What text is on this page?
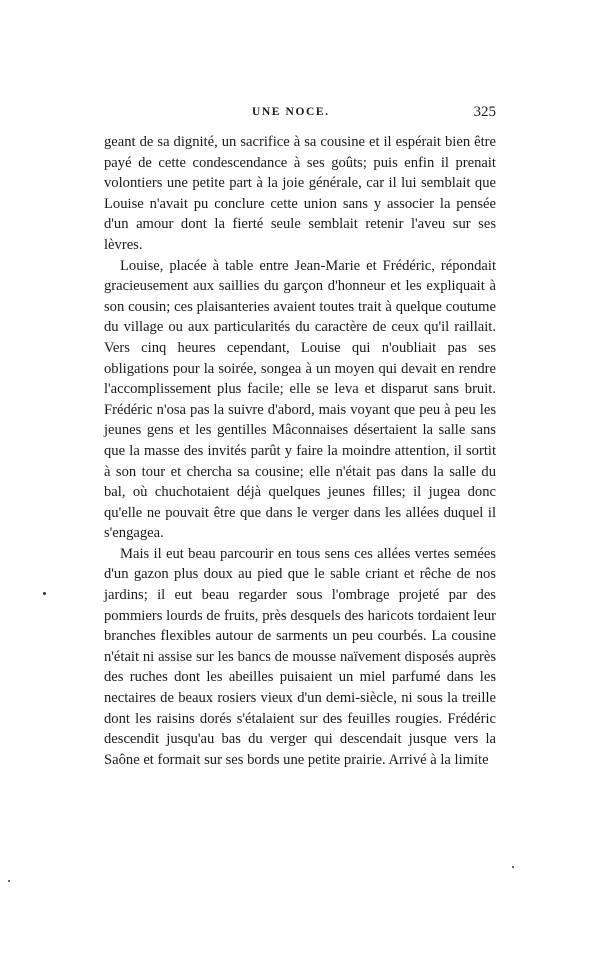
UNE NOCE.	325

geant de sa dignité, un sacrifice à sa cousine et il espérait bien être payé de cette condescendance à ses goûts; puis enfin il prenait volontiers une petite part à la joie générale, car il lui semblait que Louise n'avait pu conclure cette union sans y associer la pensée d'un amour dont la fierté seule semblait retenir l'aveu sur ses lèvres.

Louise, placée à table entre Jean-Marie et Frédéric, répondait gracieusement aux saillies du garçon d'honneur et les expliquait à son cousin; ces plaisanteries avaient toutes trait à quelque coutume du village ou aux particularités du caractère de ceux qu'il raillait. Vers cinq heures cependant, Louise qui n'oubliait pas ses obligations pour la soirée, songea à un moyen qui devait en rendre l'accomplissement plus facile; elle se leva et disparut sans bruit. Frédéric n'osa pas la suivre d'abord, mais voyant que peu à peu les jeunes gens et les gentilles Mâconnaises désertaient la salle sans que la masse des invités parût y faire la moindre attention, il sortit à son tour et chercha sa cousine; elle n'était pas dans la salle du bal, où chuchotaient déjà quelques jeunes filles; il jugea donc qu'elle ne pouvait être que dans le verger dans les allées duquel il s'engagea.

Mais il eut beau parcourir en tous sens ces allées vertes semées d'un gazon plus doux au pied que le sable criant et rêche de nos jardins; il eut beau regarder sous l'ombrage projeté par des pommiers lourds de fruits, près desquels des haricots tordaient leur branches flexibles autour de sarments un peu courbés. La cousine n'était ni assise sur les bancs de mousse naïvement disposés auprès des ruches dont les abeilles puisaient un miel parfumé dans les nectaires de beaux rosiers vieux d'un demi-siècle, ni sous la treille dont les raisins dorés s'étalaient sur des feuilles rougies. Frédéric descendit jusqu'au bas du verger qui descendait jusque vers la Saône et formait sur ses bords une petite prairie. Arrivé à la limite
